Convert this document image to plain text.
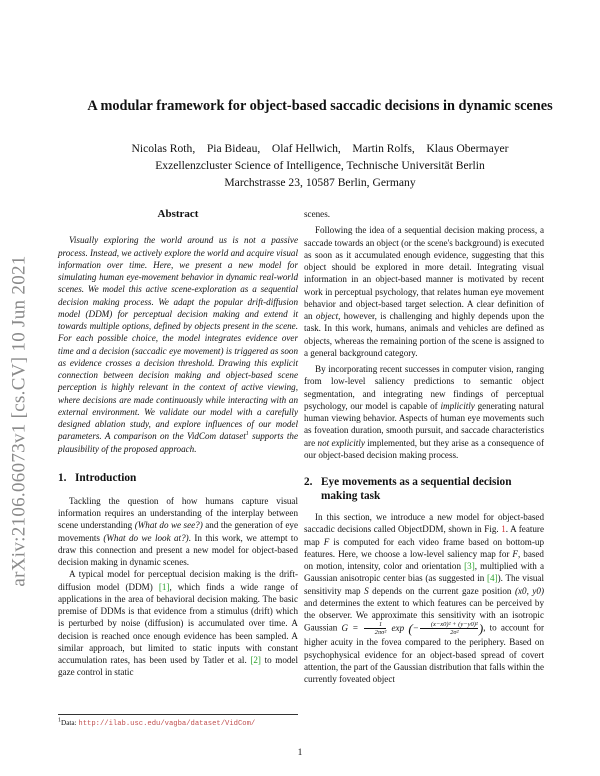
arXiv:2106.06073v1 [cs.CV] 10 Jun 2021
A modular framework for object-based saccadic decisions in dynamic scenes
Nicolas Roth,    Pia Bideau,    Olaf Hellwich,    Martin Rolfs,    Klaus Obermayer
Exzellenzcluster Science of Intelligence, Technische Universität Berlin
Marchstrasse 23, 10587 Berlin, Germany
Abstract

Visually exploring the world around us is not a passive process. Instead, we actively explore the world and acquire visual information over time. Here, we present a new model for simulating human eye-movement behavior in dynamic real-world scenes. We model this active scene-exploration as a sequential decision making process. We adapt the popular drift-diffusion model (DDM) for perceptual decision making and extend it towards multiple options, defined by objects present in the scene. For each possible choice, the model integrates evidence over time and a decision (saccadic eye movement) is triggered as soon as evidence crosses a decision threshold. Drawing this explicit connection between decision making and object-based scene perception is highly relevant in the context of active viewing, where decisions are made continuously while interacting with an external environment. We validate our model with a carefully designed ablation study, and explore influences of our model parameters. A comparison on the VidCom dataset$^1$ supports the plausibility of the proposed approach.

1. Introduction

Tackling the question of how humans capture visual information requires an understanding of the interplay between scene understanding (What do we see?) and the generation of eye movements (What do we look at?). In this work, we attempt to draw this connection and present a new model for object-based decision making in dynamic scenes.

A typical model for perceptual decision making is the drift-diffusion model (DDM) [1], which finds a wide range of applications in the area of behavioral decision making. The basic premise of DDMs is that evidence from a stimulus (drift) which is perturbed by noise (diffusion) is accumulated over time. A decision is reached once enough evidence has been sampled. A similar approach, but limited to static inputs with constant accumulation rates, has been used by Tatler et al. [2] to model gaze control in static

scenes.

Following the idea of a sequential decision making process, a saccade towards an object (or the scene's background) is executed as soon as it accumulated enough evidence, suggesting that this object should be explored in more detail. Integrating visual information in an object-based manner is motivated by recent work in perceptual psychology, that relates human eye movement behavior and object-based target selection. A clear definition of an object, however, is challenging and highly depends upon the task. In this work, humans, animals and vehicles are defined as objects, whereas the remaining portion of the scene is assigned to a general background category.

By incorporating recent successes in computer vision, ranging from low-level saliency predictions to semantic object segmentation, and integrating new findings of perceptual psychology, our model is capable of implicitly generating natural human viewing behavior. Aspects of human eye movements such as foveation duration, smooth pursuit, and saccade characteristics are not explicitly implemented, but they arise as a consequence of our object-based decision making process.

2. Eye movements as a sequential decision
making task

In this section, we introduce a new model for object-based saccadic decisions called ObjectDDM, shown in Fig. 1. A feature map F is computed for each video frame based on bottom-up features. Here, we choose a low-level saliency map for F, based on motion, intensity, color and orientation [3], multiplied with a Gaussian anisotropic center bias (as suggested in [4]). The visual sensitivity map S depends on the current gaze position (x0, y0) and determines the extent to which features can be perceived by the observer. We approximate this sensitivity with an isotropic Gaussian $G = \frac{1}{\text{2πσ²}}$ exp (− $\frac{\text{(x−x0)² + (y−y0)²}}{\text{2σ²}}$ ), to account for higher acuity in the fovea compared to the periphery. Based on psychophysical evidence for an object-based spread of covert attention, the part of the Gaussian distribution that falls within the currently foveated object

$^1$Data: http://ilab.usc.edu/vagba/dataset/VidCom/
1
